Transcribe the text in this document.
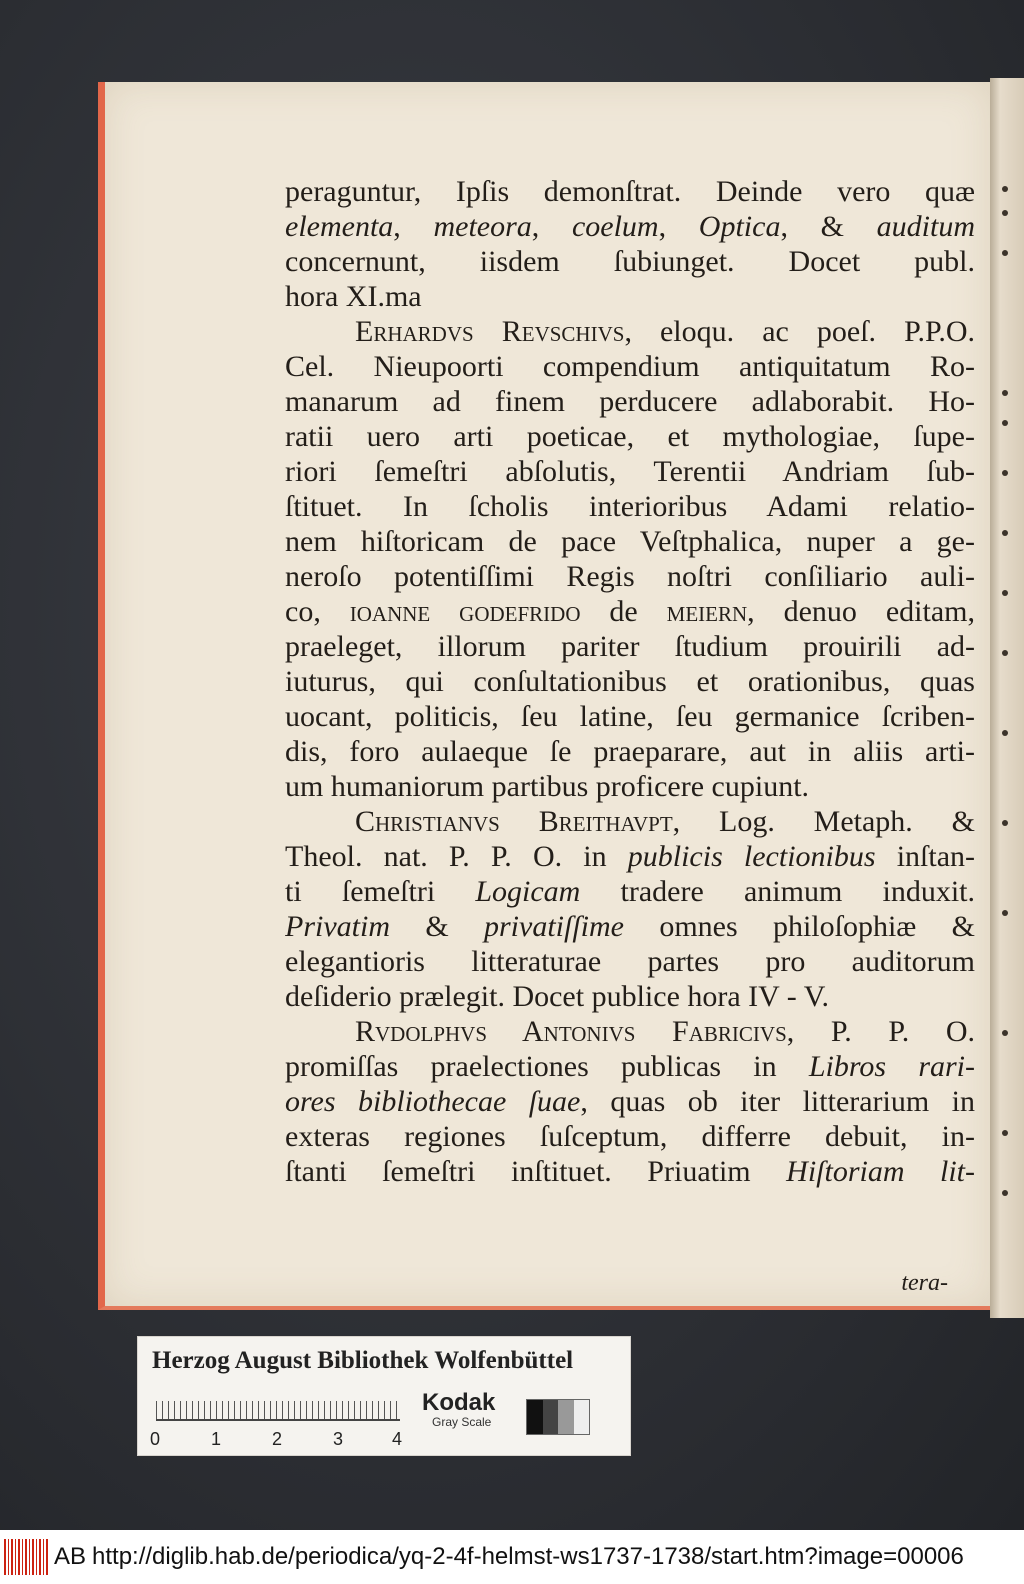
peraguntur, Ipſis demonſtrat. Deinde vero quæ
elementa, meteora, coelum, Optica, & auditum
concernunt, iisdem ſubiunget. Docet publ.
hora XI.ma
Erhardvs Revschivs, eloqu. ac poeſ. P.P.O.
Cel. Nieupoorti compendium antiquitatum Ro-
manarum ad finem perducere adlaborabit. Ho-
ratii uero arti poeticae, et mythologiae, ſupe-
riori ſemeſtri abſolutis, Terentii Andriam ſub-
ſtituet. In ſcholis interioribus Adami relatio-
nem hiſtoricam de pace Veſtphalica, nuper a ge-
neroſo potentiſſimi Regis noſtri conſiliario auli-
co, ioanne godefrido de meiern, denuo editam,
praeleget, illorum pariter ſtudium prouirili ad-
iuturus, qui conſultationibus et orationibus, quas
uocant, politicis, ſeu latine, ſeu germanice ſcriben-
dis, foro aulaeque ſe praeparare, aut in aliis arti-
um humaniorum partibus proficere cupiunt.
Christianvs Breithavpt, Log. Metaph. &
Theol. nat. P. P. O. in publicis lectionibus inſtan-
ti ſemeſtri Logicam tradere animum induxit.
Privatim & privatiſſime omnes philoſophiæ &
elegantioris litteraturae partes pro auditorum
deſiderio prælegit. Docet publice hora IV - V.
Rvdolphvs Antonivs Fabricivs, P. P. O.
promiſſas praelectiones publicas in Libros rari-
ores bibliothecae ſuae, quas ob iter litterarium in
exteras regiones ſuſceptum, differre debuit, in-
ſtanti ſemeſtri inſtituet. Priuatim Hiſtoriam lit-
tera-
Herzog August Bibliothek Wolfenbüttel
0	1	2	3	4
Kodak
Gray Scale
AB http://diglib.hab.de/periodica/yq-2-4f-helmst-ws1737-1738/start.htm?image=00006
